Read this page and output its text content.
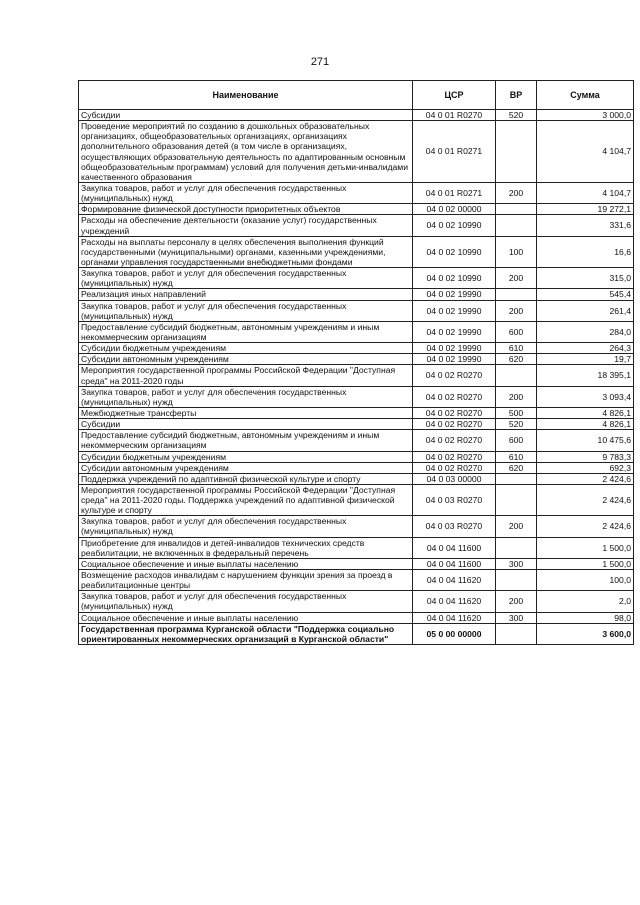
271
Наименование	ЦСР	ВР	Сумма
Субсидии	04 0 01 R0270	520	3 000,0
Проведение мероприятий по созданию в дошкольных образовательных организациях, общеобразовательных организациях, организациях дополнительного образования детей (в том числе в организациях, осуществляющих образовательную деятельность по адаптированным основным общеобразовательным программам) условий для получения детьми-инвалидами качественного образования	04 0 01 R0271		4 104,7
Закупка товаров, работ и услуг для обеспечения государственных (муниципальных) нужд	04 0 01 R0271	200	4 104,7
Формирование физической доступности приоритетных объектов	04 0 02 00000		19 272,1
Расходы на обеспечение деятельности (оказание услуг) государственных учреждений	04 0 02 10990		331,6
Расходы на выплаты персоналу в целях обеспечения выполнения функций государственными (муниципальными) органами, казенными учреждениями, органами управления государственными внебюджетными фондами	04 0 02 10990	100	16,6
Закупка товаров, работ и услуг для обеспечения государственных (муниципальных) нужд	04 0 02 10990	200	315,0
Реализация иных направлений	04 0 02 19990		545,4
Закупка товаров, работ и услуг для обеспечения государственных (муниципальных) нужд	04 0 02 19990	200	261,4
Предоставление субсидий бюджетным, автономным учреждениям и иным некоммерческим организациям	04 0 02 19990	600	284,0
Субсидии бюджетным учреждениям	04 0 02 19990	610	264,3
Субсидии автономным учреждениям	04 0 02 19990	620	19,7
Мероприятия государственной программы Российской Федерации "Доступная среда" на 2011-2020 годы	04 0 02 R0270		18 395,1
Закупка товаров, работ и услуг для обеспечения государственных (муниципальных) нужд	04 0 02 R0270	200	3 093,4
Межбюджетные трансферты	04 0 02 R0270	500	4 826,1
Субсидии	04 0 02 R0270	520	4 826,1
Предоставление субсидий бюджетным, автономным учреждениям и иным некоммерческим организациям	04 0 02 R0270	600	10 475,6
Субсидии бюджетным учреждениям	04 0 02 R0270	610	9 783,3
Субсидии автономным учреждениям	04 0 02 R0270	620	692,3
Поддержка учреждений по адаптивной физической культуре и спорту	04 0 03 00000		2 424,6
Мероприятия государственной программы Российской Федерации "Доступная среда" на 2011-2020 годы. Поддержка учреждений по адаптивной физической культуре и спорту	04 0 03 R0270		2 424,6
Закупка товаров, работ и услуг для обеспечения государственных (муниципальных) нужд	04 0 03 R0270	200	2 424,6
Приобретение для инвалидов и детей-инвалидов технических средств реабилитации, не включенных в федеральный перечень	04 0 04 11600		1 500,0
Социальное обеспечение и иные выплаты населению	04 0 04 11600	300	1 500,0
Возмещение расходов инвалидам с нарушением функции зрения за проезд в реабилитационные центры	04 0 04 11620		100,0
Закупка товаров, работ и услуг для обеспечения государственных (муниципальных) нужд	04 0 04 11620	200	2,0
Социальное обеспечение и иные выплаты населению	04 0 04 11620	300	98,0
Государственная программа Курганской области "Поддержка социально ориентированных некоммерческих организаций в Курганской области"	05 0 00 00000		3 600,0
